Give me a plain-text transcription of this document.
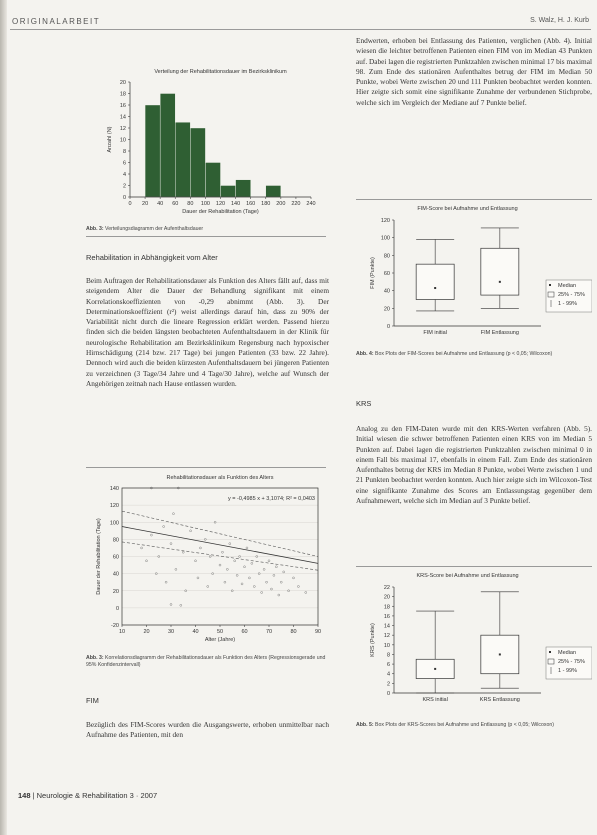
ORIGINALARBEIT	S. Walz, H. J. Kurb
Verteilung der Rehabilitationsdauer im Bezirksklinikum
0
2
4
6
8
10
12
14
16
18
20
0 20 40 60 80 100 120 140 160 180 200 220 240
Dauer der Rehabilitation (Tage)
Anzahl (N)
Abb. 3: Verteilungsdiagramm der Aufenthaltsdauer
Rehabilitation in Abhängigkeit vom Alter
Beim Auftragen der Rehabilitationsdauer als Funktion des Alters fällt auf, dass mit steigendem Alter die Dauer der Behandlung signifikant mit einem Korrelationskoeffizienten von -0,29 abnimmt (Abb. 3). Der Determinationskoeffizient (r²) weist allerdings darauf hin, dass zu 90% der Variabilität nicht durch die lineare Regression erklärt werden. Passend hierzu finden sich die beiden längsten beobachteten Aufenthaltsdauern in der Klinik für neurologische Rehabilitation am Bezirksklinikum Regensburg nach hypoxischer Hirnschädigung (214 bzw. 217 Tage) bei jungen Patienten (33 bzw. 22 Jahre). Dennoch wird auch die beiden kürzesten Aufenthaltsdauern bei jüngeren Patienten zu verzeichnen (3 Tage/34 Jahre und 4 Tage/30 Jahre), welche auf Wunsch der Angehörigen zeitnah nach Hause entlassen wurden.
Rehabilitationsdauer als Funktion des Alters
-20
0
20
40
60
80
100
120
140
10	20	30	40	50	60	70	80	90
y = -0,4985 x + 3,1074; R² = 0,0403
Alter (Jahre)
Dauer der Rehabilitation (Tage)
Abb. 3: Korrelationsdiagramm der Rehabilitationsdauer als Funktion des Alters (Regressionsgerade und 95% Konfidenzintervall)
FIM
Bezüglich des FIM-Scores wurden die Ausgangswerte, erhoben unmittelbar nach Aufnahme des Patienten, mit den
Endwerten, erhoben bei Entlassung des Patienten, verglichen (Abb. 4). Initial wiesen die leichter betroffenen Patienten einen FIM von im Median 43 Punkten auf. Dabei lagen die registrierten Punktzahlen zwischen minimal 17 bis maximal 98. Zum Ende des stationären Aufenthaltes betrug der FIM im Median 50 Punkte, wobei Werte zwischen 20 und 111 Punkten beobachtet werden konnten. Hier zeigte sich somit eine signifikante Zunahme der verbundenen Stichprobe, welche sich im Vergleich der Mediane auf 7 Punkte belief.
FIM-Score bei Aufnahme und Entlassung
0
20
40
60
80
100
120
FIM initial	FIM Entlassung
FIM (Punkte)	Median
25% - 75%
1 - 99%
Abb. 4: Box Plots der FIM-Scores bei Aufnahme und Entlassung (p < 0,05; Wilcoxon)
KRS
Analog zu den FIM-Daten wurde mit den KRS-Werten verfahren (Abb. 5). Initial wiesen die schwer betroffenen Patienten einen KRS von im Median 5 Punkten auf. Dabei lagen die registrierten Punktzahlen zwischen minimal 0 in einem Fall bis maximal 17, ebenfalls in einem Fall. Zum Ende des stationären Aufenthaltes betrug der KRS im Median 8 Punkte, wobei Werte zwischen 1 und 21 Punkten beobachtet werden konnten. Auch hier zeigte sich im Wilcoxon-Test eine signifikante Zunahme des Scores am Entlassungstag gegenüber dem Aufnahmewert, welche sich im Median auf 3 Punkte belief.
KRS-Score bei Aufnahme und Entlassung
0
2
4
6
8
10
12
14
16
18
20
22
KRS initial	KRS Entlassung
KRS (Punkte)	Median
25% - 75%
1 - 99%
Abb. 5: Box Plots der KRS-Scores bei Aufnahme und Entlassung (p < 0,05; Wilcoxon)
148 | Neurologie & Rehabilitation 3 · 2007
